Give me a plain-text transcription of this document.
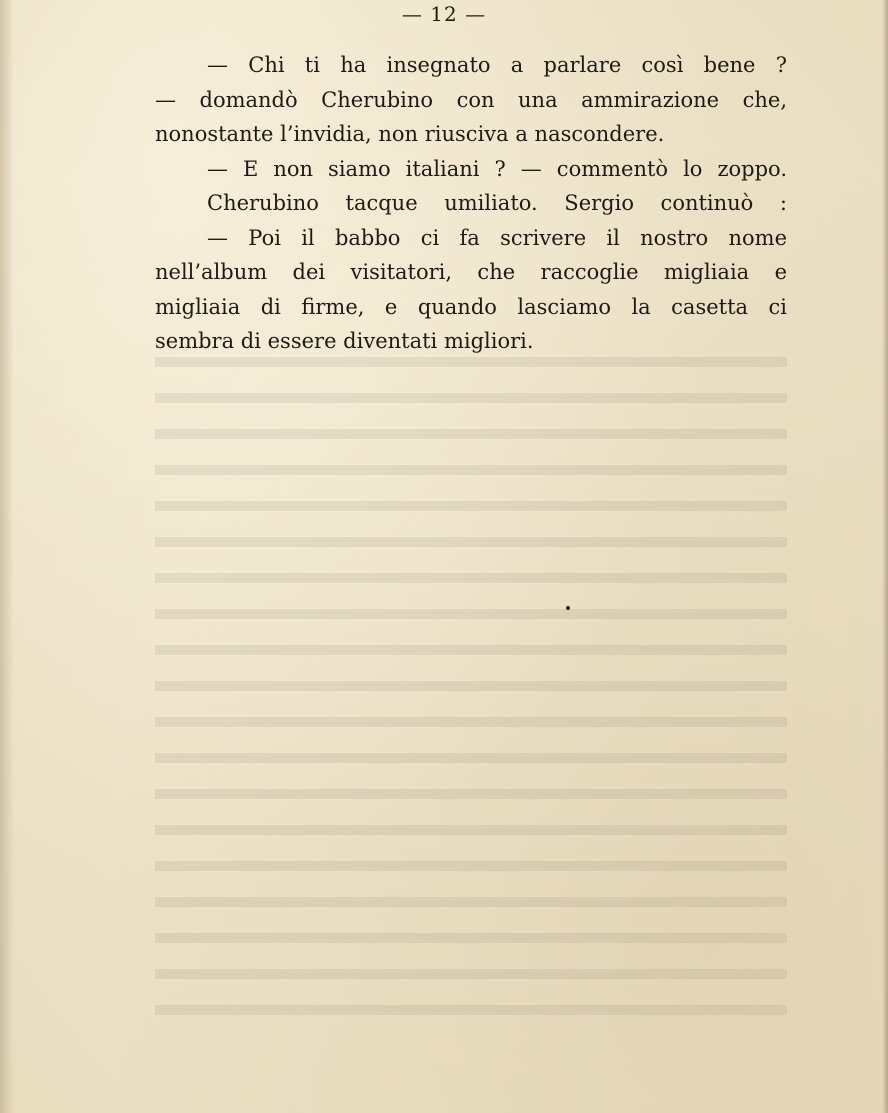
— 12 —
— Chi ti ha insegnato a parlare così bene ?
— domandò Cherubino con una ammirazione che,
nonostante l’invidia, non riusciva a nascondere.
— E non siamo italiani ? — commentò lo zoppo.
Cherubino tacque umiliato. Sergio continuò :
— Poi il babbo ci fa scrivere il nostro nome
nell’album dei visitatori, che raccoglie migliaia e
migliaia di firme, e quando lasciamo la casetta ci
sembra di essere diventati migliori.
